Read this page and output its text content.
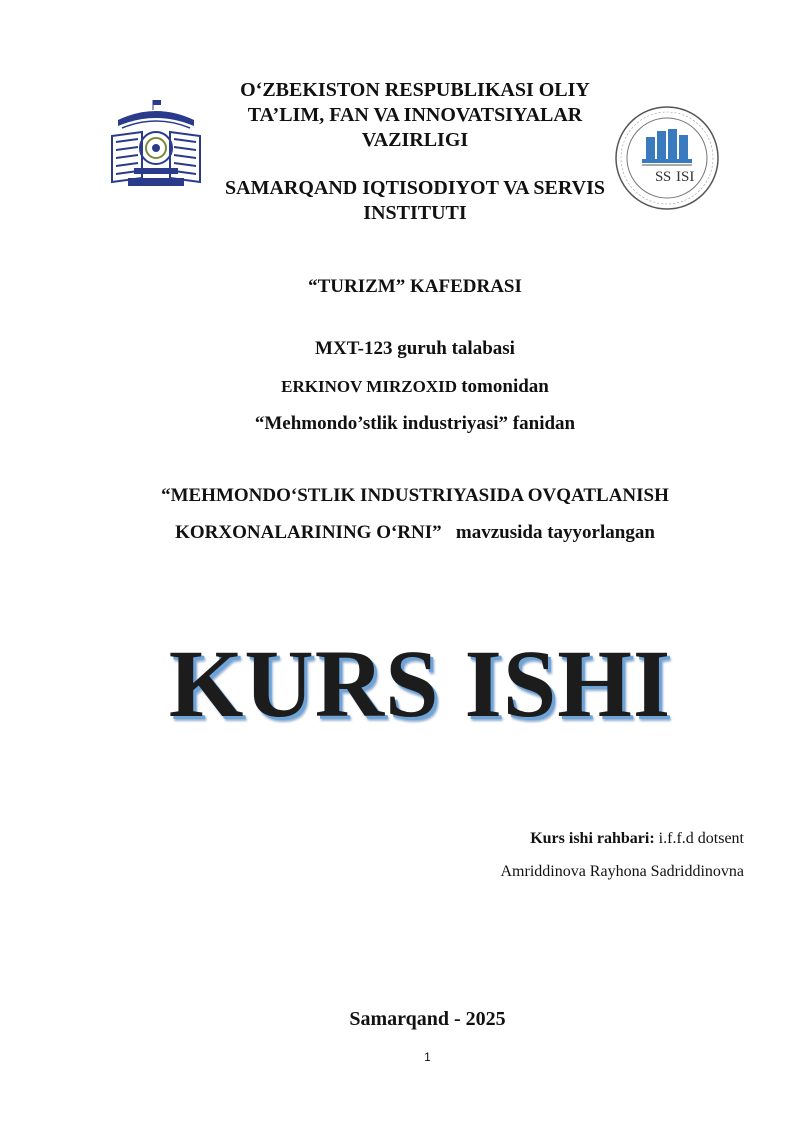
S ISI
S
O‘ZBEKISTON RESPUBLIKASI OLIY TA’LIM, FAN VA INNOVATSIYALAR VAZIRLIGI
SAMARQAND IQTISODIYOT VA SERVIS INSTITUTI
“TURIZM” KAFEDRASI
MXT-123 guruh talabasi
ERKINOV MIRZOXID tomonidan
“Mehmondo’stlik industriyasi” fanidan
“MEHMONDO‘STLIK INDUSTRIYASIDA OVQATLANISH
KORXONALARINING O‘RNI” mavzusida tayyorlangan
KURS ISHI
Kurs ishi rahbari: i.f.f.d dotsent
Amriddinova Rayhona Sadriddinovna
Samarqand - 2025
1
